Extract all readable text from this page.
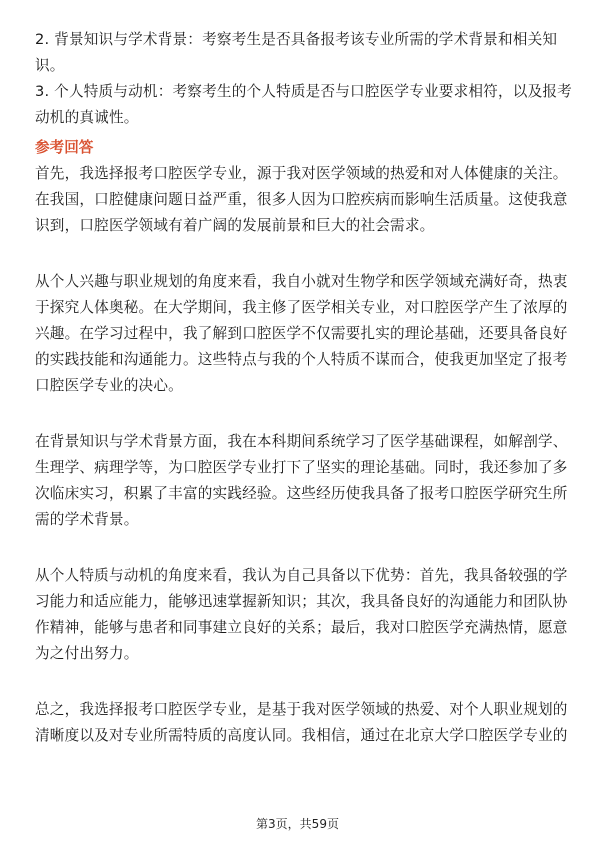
2. 背景知识与学术背景：考察考生是否具备报考该专业所需的学术背景和相关知
识。
3. 个人特质与动机：考察考生的个人特质是否与口腔医学专业要求相符，以及报考
动机的真诚性。
参考回答
首先，我选择报考口腔医学专业，源于我对医学领域的热爱和对人体健康的关注。
在我国，口腔健康问题日益严重，很多人因为口腔疾病而影响生活质量。这使我意
识到，口腔医学领域有着广阔的发展前景和巨大的社会需求。
从个人兴趣与职业规划的角度来看，我自小就对生物学和医学领域充满好奇，热衷
于探究人体奥秘。在大学期间，我主修了医学相关专业，对口腔医学产生了浓厚的
兴趣。在学习过程中，我了解到口腔医学不仅需要扎实的理论基础，还要具备良好
的实践技能和沟通能力。这些特点与我的个人特质不谋而合，使我更加坚定了报考
口腔医学专业的决心。
在背景知识与学术背景方面，我在本科期间系统学习了医学基础课程，如解剖学、
生理学、病理学等，为口腔医学专业打下了坚实的理论基础。同时，我还参加了多
次临床实习，积累了丰富的实践经验。这些经历使我具备了报考口腔医学研究生所
需的学术背景。
从个人特质与动机的角度来看，我认为自己具备以下优势：首先，我具备较强的学
习能力和适应能力，能够迅速掌握新知识；其次，我具备良好的沟通能力和团队协
作精神，能够与患者和同事建立良好的关系；最后，我对口腔医学充满热情，愿意
为之付出努力。
总之，我选择报考口腔医学专业，是基于我对医学领域的热爱、对个人职业规划的
清晰度以及对专业所需特质的高度认同。我相信，通过在北京大学口腔医学专业的
第3页，共59页
